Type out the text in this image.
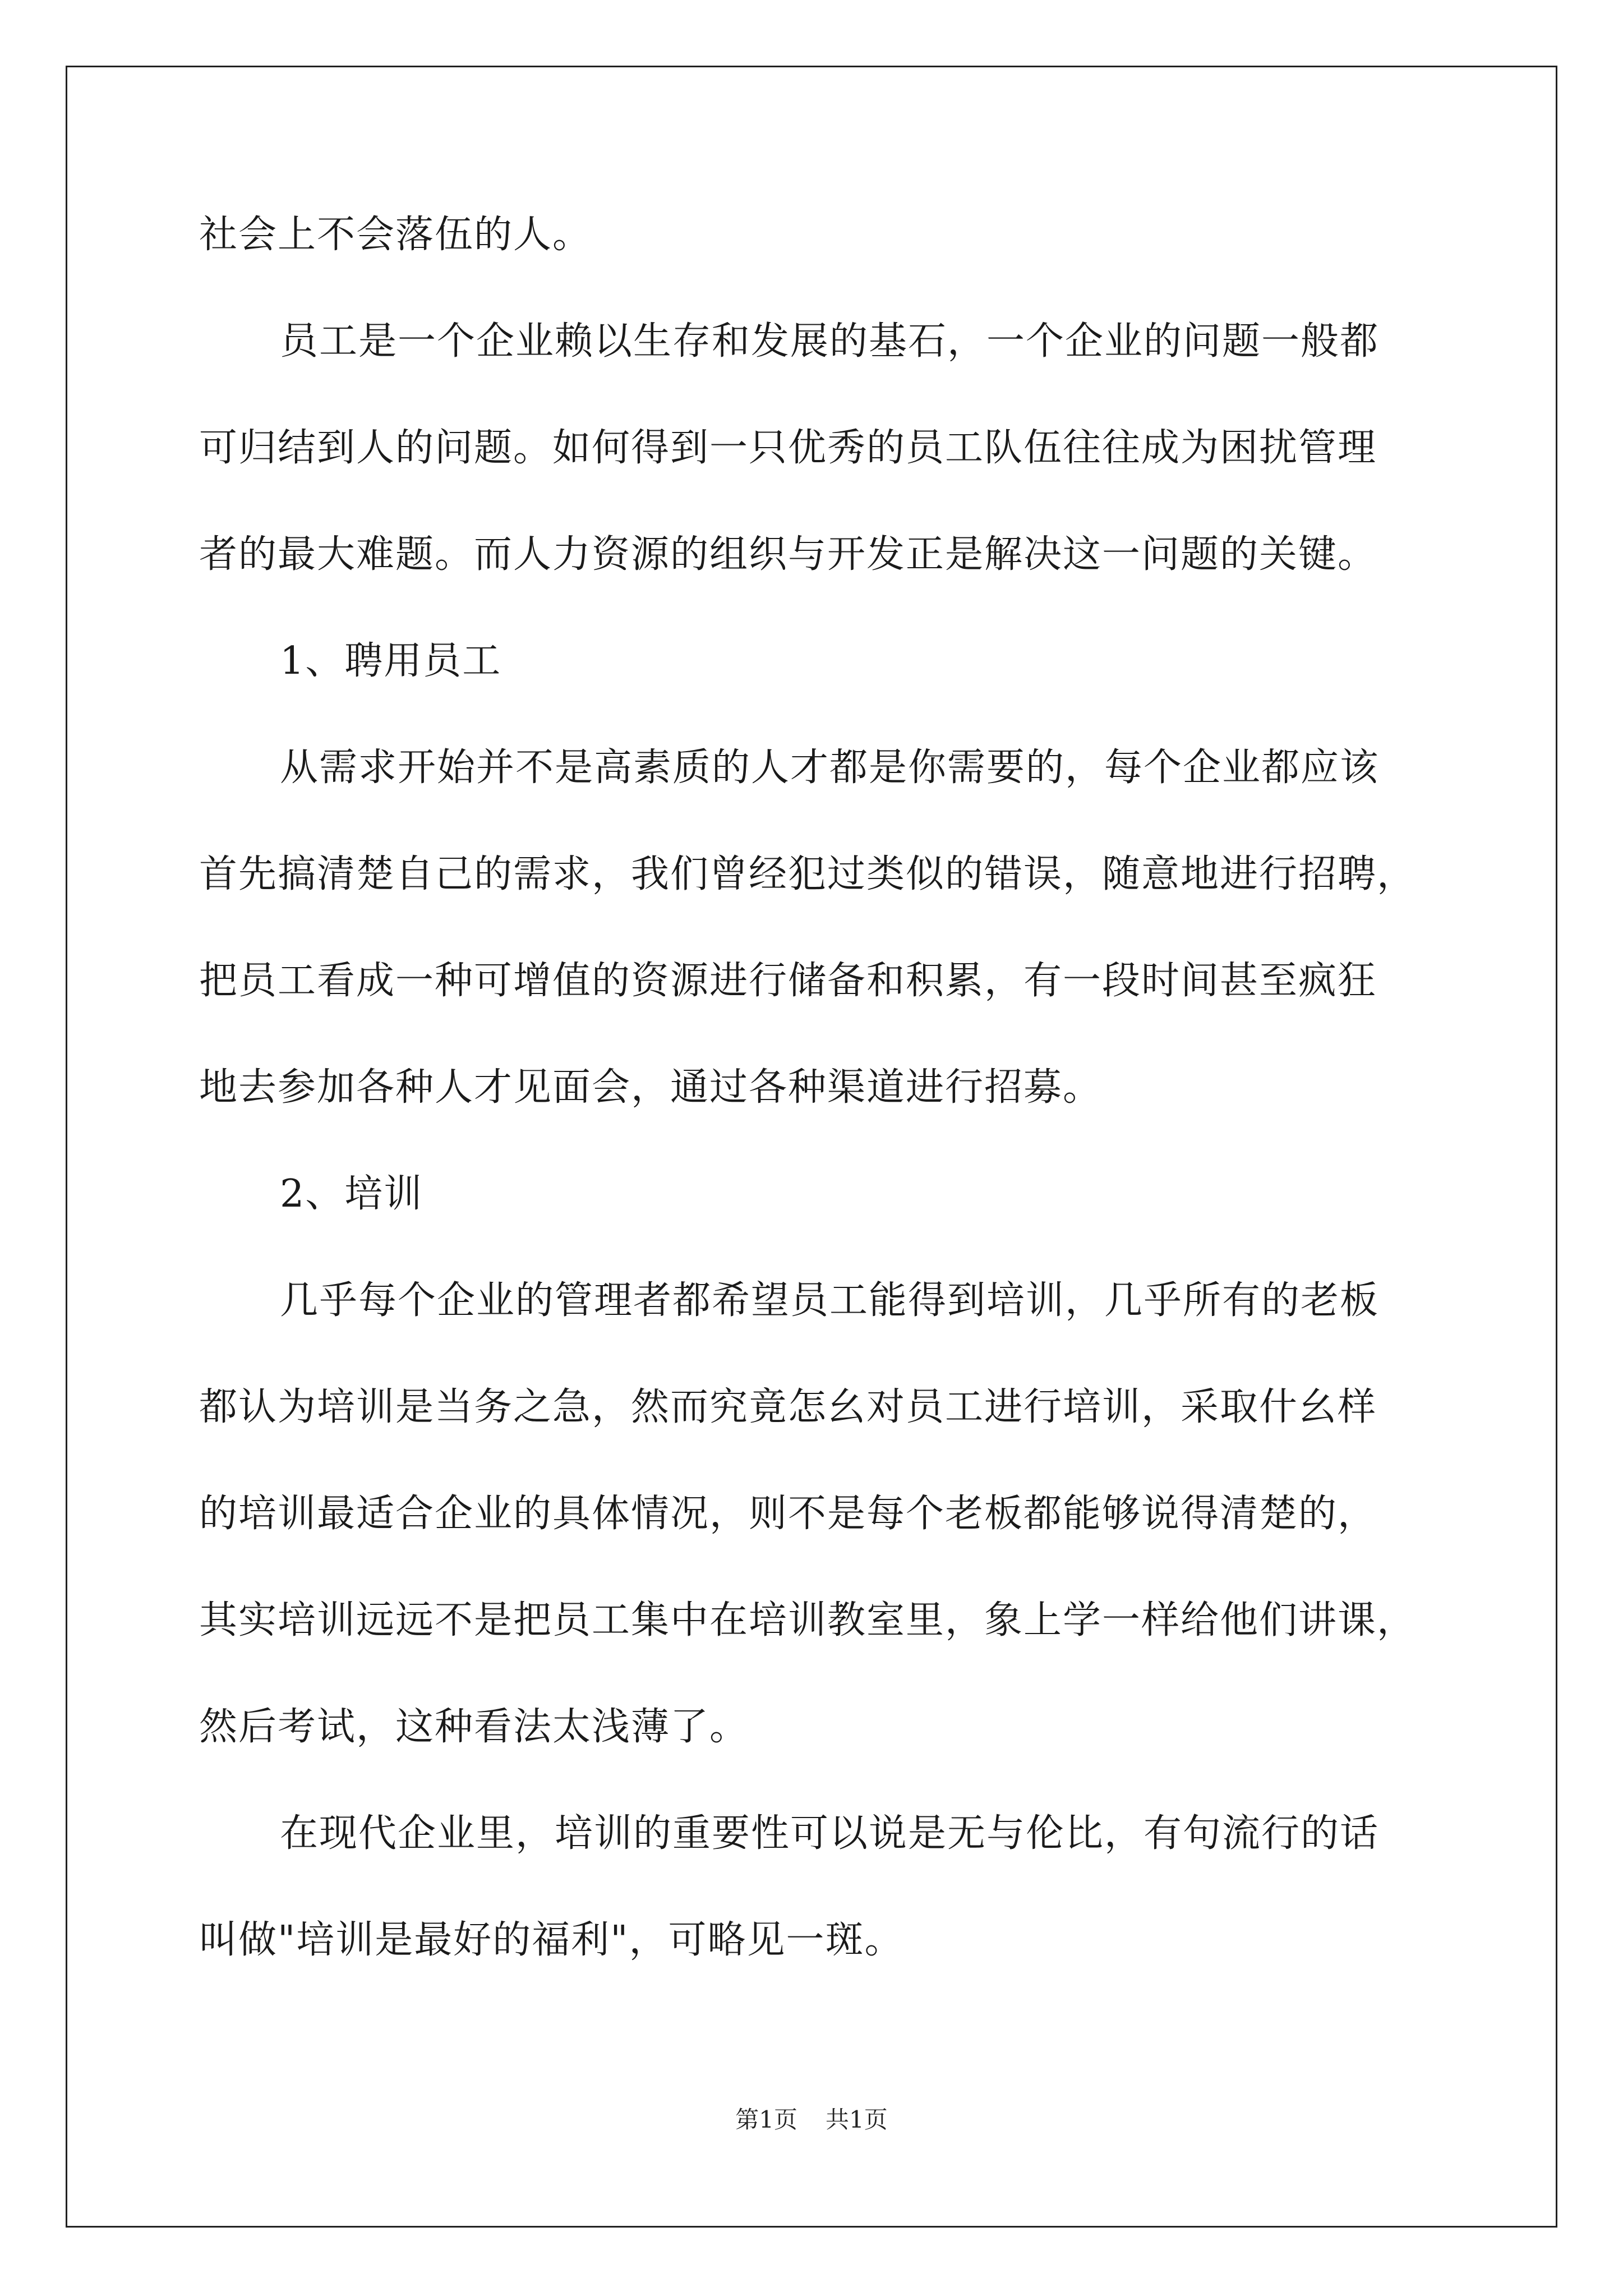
社会上不会落伍的人。
员工是一个企业赖以生存和发展的基石，一个企业的问题一般都
可归结到人的问题。如何得到一只优秀的员工队伍往往成为困扰管理
者的最大难题。而人力资源的组织与开发正是解决这一问题的关键。
1、聘用员工
从需求开始并不是高素质的人才都是你需要的，每个企业都应该
首先搞清楚自己的需求，我们曾经犯过类似的错误，随意地进行招聘，
把员工看成一种可增值的资源进行储备和积累，有一段时间甚至疯狂
地去参加各种人才见面会，通过各种渠道进行招募。
2、培训
几乎每个企业的管理者都希望员工能得到培训，几乎所有的老板
都认为培训是当务之急，然而究竟怎幺对员工进行培训，采取什幺样
的培训最适合企业的具体情况，则不是每个老板都能够说得清楚的，
其实培训远远不是把员工集中在培训教室里，象上学一样给他们讲课，
然后考试，这种看法太浅薄了。
在现代企业里，培训的重要性可以说是无与伦比，有句流行的话
叫做"培训是最好的福利"，可略见一斑。
第1页 共1页
